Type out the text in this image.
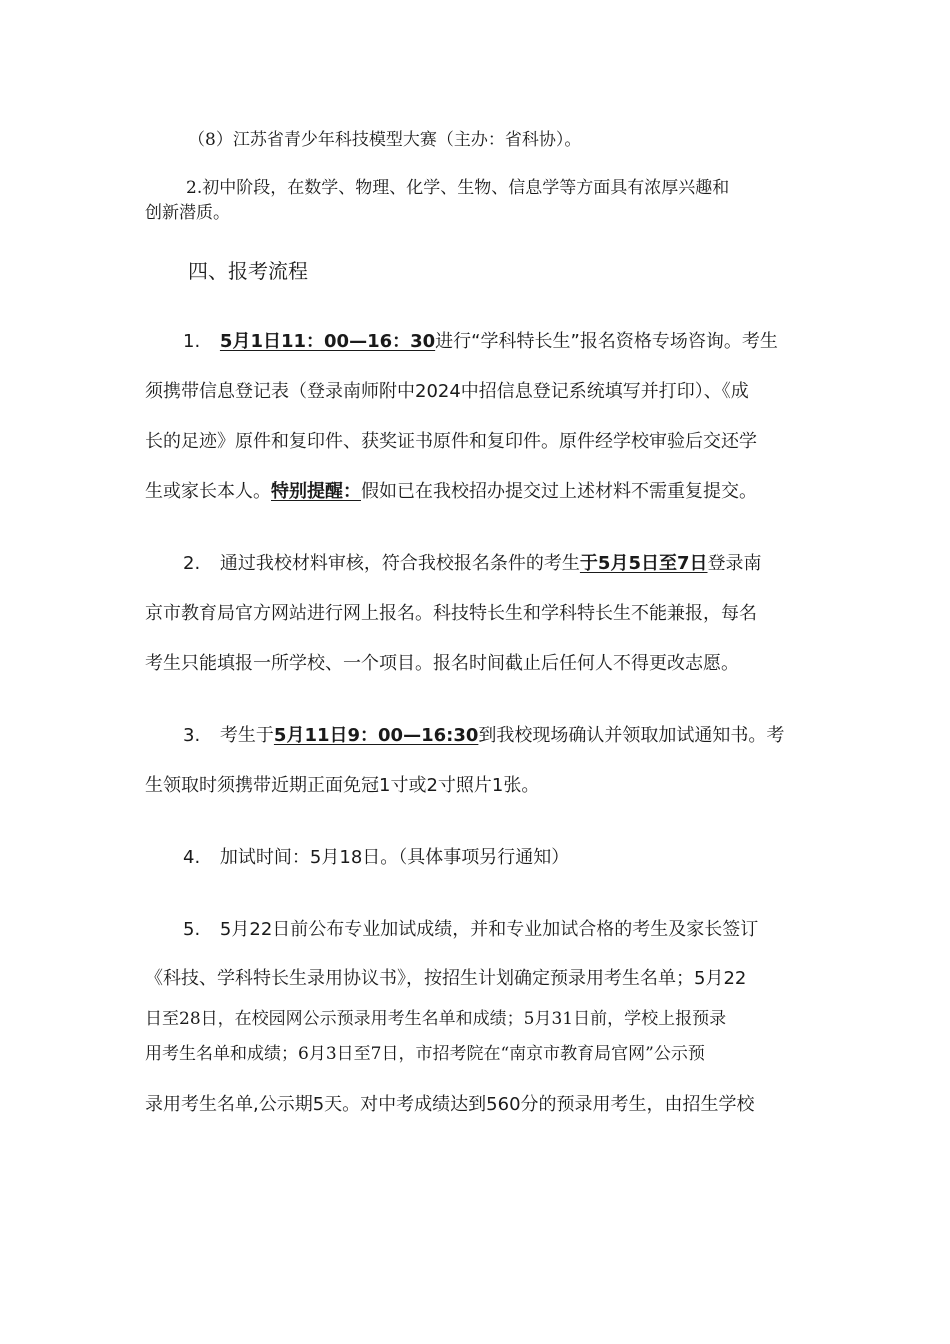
（8）江苏省青少年科技模型大赛（主办：省科协）。
2.初中阶段，在数学、物理、化学、生物、信息学等方面具有浓厚兴趣和
创新潜质。
四、报考流程
1. 5月1日11：00—16：30进行“学科特长生”报名资格专场咨询。考生
须携带信息登记表（登录南师附中2024中招信息登记系统填写并打印）、《成
长的足迹》原件和复印件、获奖证书原件和复印件。原件经学校审验后交还学
生或家长本人。特别提醒：假如已在我校招办提交过上述材料不需重复提交。
2. 通过我校材料审核，符合我校报名条件的考生于5月5日至7日登录南
京市教育局官方网站进行网上报名。科技特长生和学科特长生不能兼报，每名
考生只能填报一所学校、一个项目。报名时间截止后任何人不得更改志愿。
3. 考生于5月11日9：00—16:30到我校现场确认并领取加试通知书。考
生领取时须携带近期正面免冠1寸或2寸照片1张。
4. 加试时间：5月18日。（具体事项另行通知）
5. 5月22日前公布专业加试成绩，并和专业加试合格的考生及家长签订
《科技、学科特长生录用协议书》，按招生计划确定预录用考生名单；5月22
日至28日，在校园网公示预录用考生名单和成绩；5月31日前，学校上报预录
用考生名单和成绩；6月3日至7日，市招考院在“南京市教育局官网”公示预
录用考生名单,公示期5天。对中考成绩达到560分的预录用考生，由招生学校
